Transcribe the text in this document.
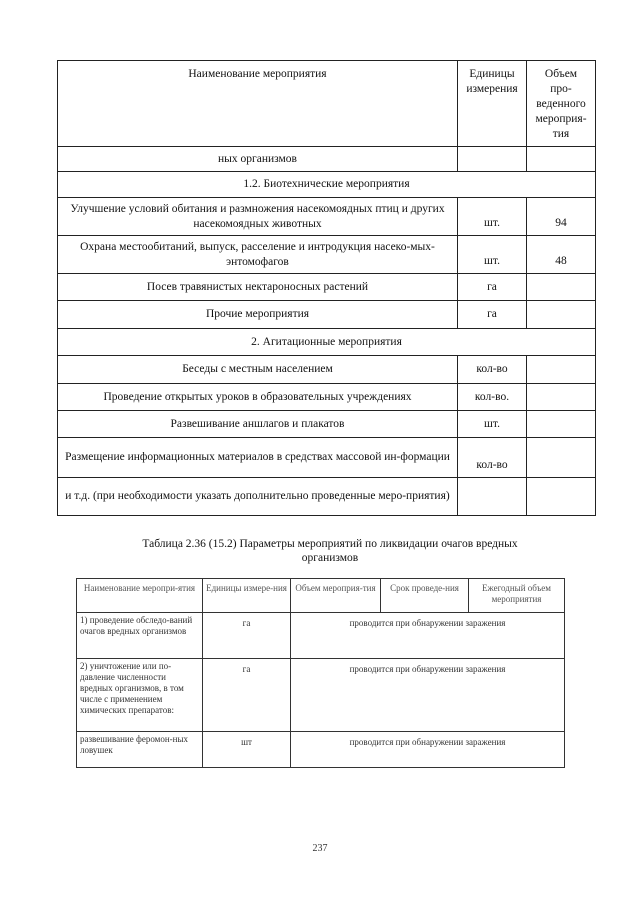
Наименование мероприятия	Единицы измерения	Объем про-веденного мероприя-тия
ных организмов		
1.2. Биотехнические мероприятия		
Улучшение условий обитания и размножения насекомоядных птиц и других насекомоядных животных	шт.	94
Охрана местообитаний, выпуск, расселение и интродукция насеко-мых-энтомофагов	шт.	48
Посев травянистых нектароносных растений	га	
Прочие мероприятия	га	
2. Агитационные мероприятия		
Беседы с местным населением	кол-во	
Проведение открытых уроков в образовательных учреждениях	кол-во.	
Развешивание аншлагов и плакатов	шт.	
Размещение информационных материалов в средствах массовой ин-формации	кол-во	
и т.д. (при необходимости указать дополнительно проведенные меро-приятия)		
Таблица 2.36 (15.2) Параметры мероприятий по ликвидации очагов вредных организмов
Наименование меропри-ятия	Единицы измере-ния	Объем мероприя-тия	Срок проведе-ния	Ежегодный объем мероприятия
1) проведение обследо-ваний очагов вредных организмов	га	проводится при обнаружении заражения		
2) уничтожение или по-давление численности вредных организмов, в том числе с применением химических препаратов:	га	проводится при обнаружении заражения		
развешивание феромон-ных ловушек	шт	проводится при обнаружении заражения		
237
